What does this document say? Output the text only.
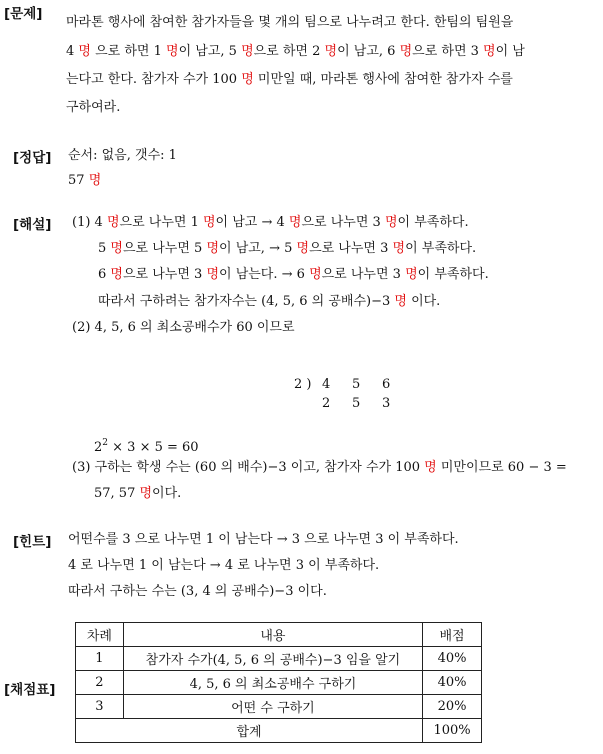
[문제]
마라톤 행사에 참여한 참가자들을 몇 개의 팀으로 나누려고 한다. 한팀의 팀원을
4 명 으로 하면 1 명이 남고, 5 명으로 하면 2 명이 남고, 6 명으로 하면 3 명이 남
는다고 한다. 참가자 수가 100 명 미만일 때, 마라톤 행사에 참여한 참가자 수를
구하여라.
[정답] 순서: 없음, 갯수: 1
57 명
[해설] (1) 4 명으로 나누면 1 명이 남고 → 4 명으로 나누면 3 명이 부족하다.
5 명으로 나누면 5 명이 남고, → 5 명으로 나누면 3 명이 부족하다.
6 명으로 나누면 3 명이 남는다. → 6 명으로 나누면 3 명이 부족하다.
따라서 구하려는 참가자수는 (4, 5, 6 의 공배수)−3 명 이다.
(2) 4, 5, 6 의 최소공배수가 60 이므로
2 ) 4 5 6
2 5 3
$2^2 \times 3 \times 5 = 60$
(3) 구하는 학생 수는 (60 의 배수)−3 이고, 참가자 수가 100 명 미만이므로 60 − 3 =
57, 57 명이다.
[힌트] 어떤수를 3 으로 나누면 1 이 남는다 → 3 으로 나누면 3 이 부족하다.
4 로 나누면 1 이 남는다 → 4 로 나누면 3 이 부족하다.
따라서 구하는 수는 (3, 4 의 공배수)−3 이다.
[채점표]
차례	내용	배점
1	참가자 수가(4, 5, 6 의 공배수)−3 임을 알기	40%
2	4, 5, 6 의 최소공배수 구하기	40%
3	어떤 수 구하기	20%
합계		100%
